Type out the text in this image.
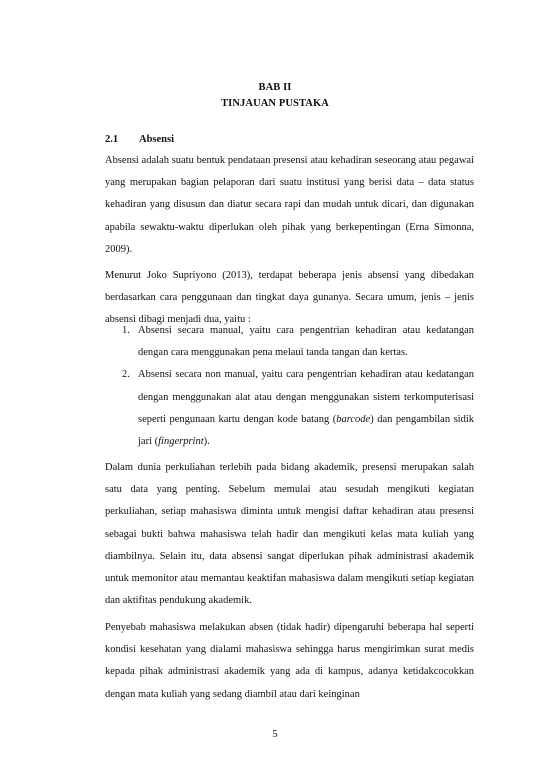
BAB II
TINJAUAN PUSTAKA
2.1 Absensi

Absensi adalah suatu bentuk pendataan presensi atau kehadiran seseorang atau pegawai yang merupakan bagian pelaporan dari suatu institusi yang berisi data – data status kehadiran yang disusun dan diatur secara rapi dan mudah untuk dicari, dan digunakan apabila sewaktu-waktu diperlukan oleh pihak yang berkepentingan (Erna Simonna, 2009).

Menurut Joko Supriyono (2013), terdapat beberapa jenis absensi yang dibedakan berdasarkan cara penggunaan dan tingkat daya gunanya. Secara umum, jenis – jenis absensi dibagi menjadi dua, yaitu :

1. Absensi secara manual, yaitu cara pengentrian kehadiran atau kedatangan dengan cara menggunakan pena melaui tanda tangan dan kertas.
2. Absensi secara non manual, yaitu cara pengentrian kehadiran atau kedatangan dengan menggunakan alat atau dengan menggunakan sistem terkomputerisasi seperti pengunaan kartu dengan kode batang (barcode) dan pengambilan sidik jari (fingerprint).

Dalam dunia perkuliahan terlebih pada bidang akademik, presensi merupakan salah satu data yang penting. Sebelum memulai atau sesudah mengikuti kegiatan perkuliahan, setiap mahasiswa diminta untuk mengisi daftar kehadiran atau presensi sebagai bukti bahwa mahasiswa telah hadir dan mengikuti kelas mata kuliah yang diambilnya. Selain itu, data absensi sangat diperlukan pihak administrasi akademik untuk memonitor atau memantau keaktifan mahasiswa dalam mengikuti setiap kegiatan dan aktifitas pendukung akademik.

Penyebab mahasiswa melakukan absen (tidak hadir) dipengaruhi beberapa hal seperti kondisi kesehatan yang dialami mahasiswa sehingga harus mengirimkan surat medis kepada pihak administrasi akademik yang ada di kampus, adanya ketidakcocokkan dengan mata kuliah yang sedang diambil atau dari keinginan

5
